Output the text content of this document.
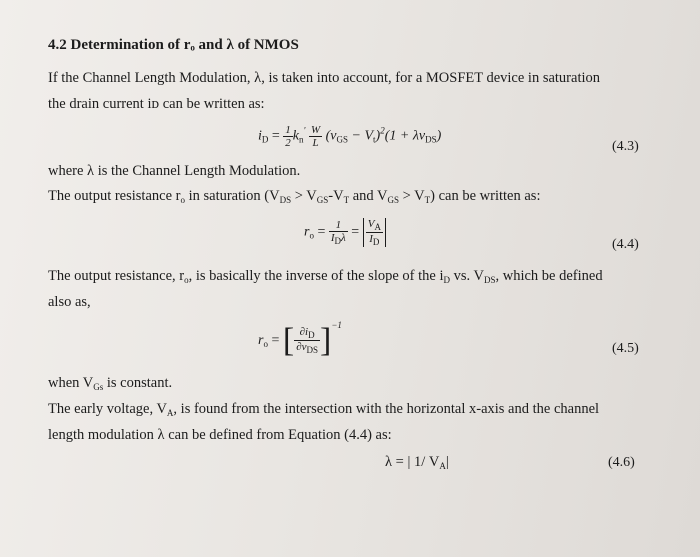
4.2 Determination of rₒ and λ of NMOS
If the Channel Length Modulation, λ, is taken into account, for a MOSFET device in saturation
the drain current iᴅ can be written as:
$i_D = \frac{1}{2} k_n' \frac{W}{L} (v_{GS} - V_t)^2(1 + \lambda v_{DS})$
(4.3)
where λ is the Channel Length Modulation.
The output resistance $r_o$ in saturation ($V_{DS} > V_{GS}-V_T$ and $V_{GS} > V_T$) can be written as:
$r_o = \frac{1}{I_D\lambda} = \frac{V_A}{I_D}$	(4.4)
The output resistance, $r_o$, is basically the inverse of the slope of the $i_D$ vs. $V_{DS}$, which be defined
also as,
$r_o$ = [ $\frac{\partial i_D}{\partial v_{DS}} ]^{-1}$
(4.5)
when $V_{Gs}$ is constant.
The early voltage, $V_A$, is found from the intersection with the horizontal x-axis and the channel
length modulation λ can be defined from Equation (4.4) as:
λ = | 1/ $V_A|$	(4.6)
